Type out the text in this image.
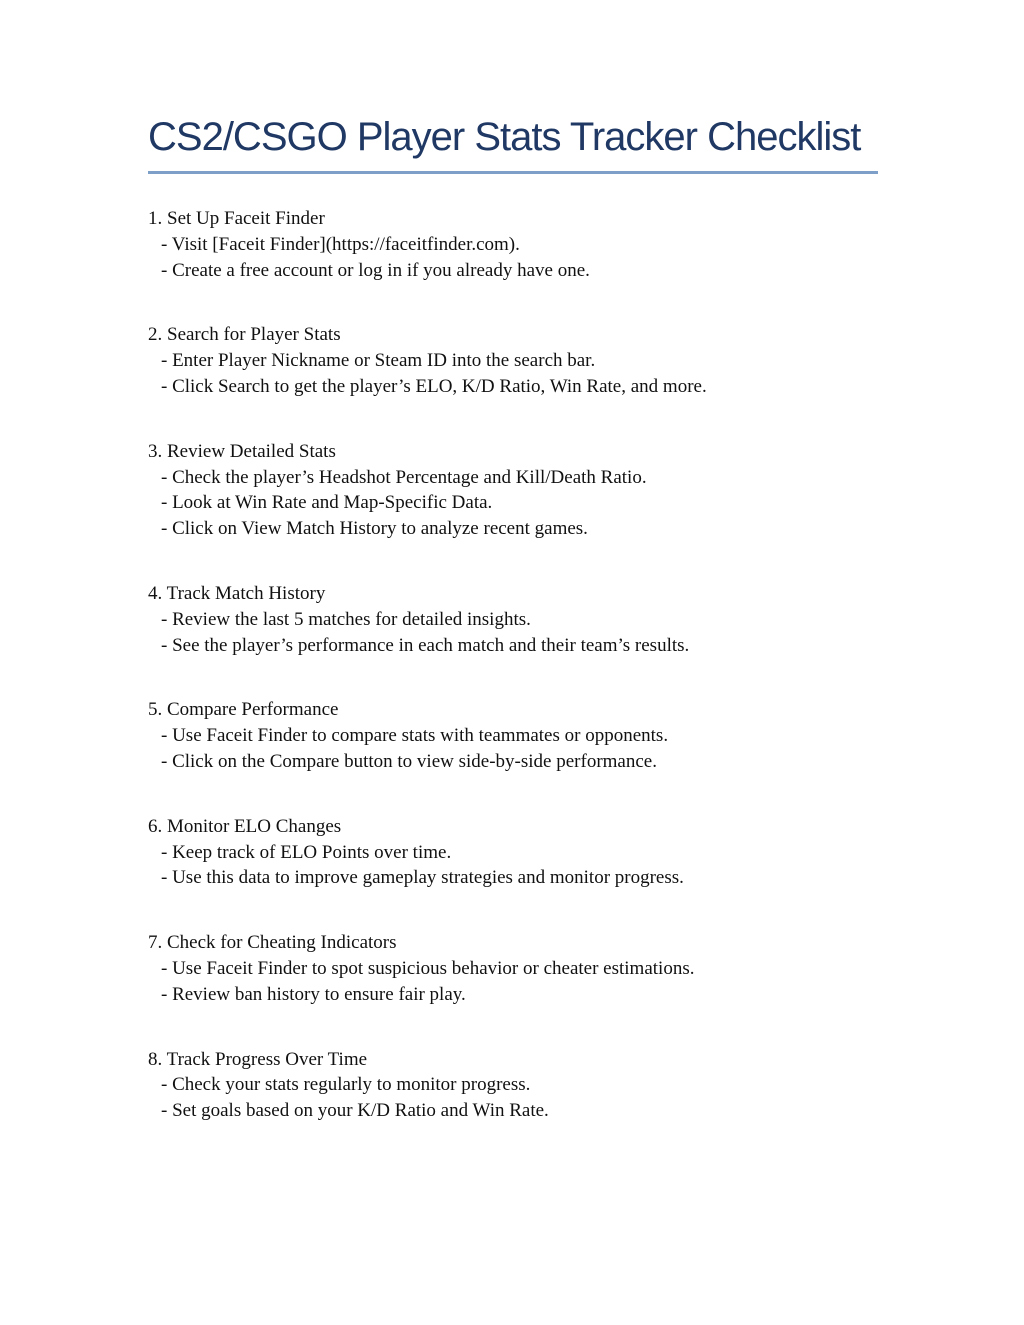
CS2/CSGO Player Stats Tracker Checklist

1. Set Up Faceit Finder

- Visit [Faceit Finder](https://faceitfinder.com).
- Create a free account or log in if you already have one.

2. Search for Player Stats

- Enter Player Nickname or Steam ID into the search bar.
- Click Search to get the player’s ELO, K/D Ratio, Win Rate, and more.

3. Review Detailed Stats

- Check the player’s Headshot Percentage and Kill/Death Ratio.
- Look at Win Rate and Map-Specific Data.
- Click on View Match History to analyze recent games.

4. Track Match History

- Review the last 5 matches for detailed insights.
- See the player’s performance in each match and their team’s results.

5. Compare Performance

- Use Faceit Finder to compare stats with teammates or opponents.
- Click on the Compare button to view side-by-side performance.

6. Monitor ELO Changes

- Keep track of ELO Points over time.
- Use this data to improve gameplay strategies and monitor progress.

7. Check for Cheating Indicators

- Use Faceit Finder to spot suspicious behavior or cheater estimations.
- Review ban history to ensure fair play.

8. Track Progress Over Time

- Check your stats regularly to monitor progress.
- Set goals based on your K/D Ratio and Win Rate.
